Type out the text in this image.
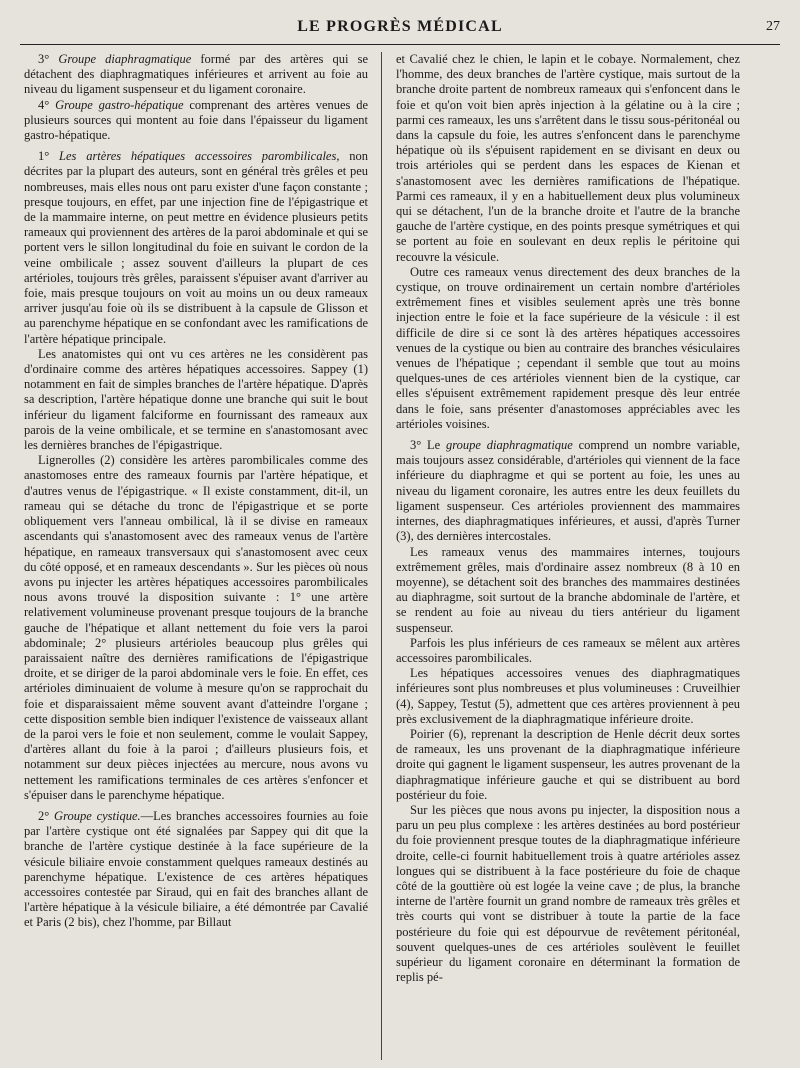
LE PROGRÈS MÉDICAL	27

3° Groupe diaphragmatique formé par des artères qui se détachent des diaphragmatiques inférieures et arrivent au foie au niveau du ligament suspenseur et du ligament coronaire.

4° Groupe gastro-hépatique comprenant des artères venues de plusieurs sources qui montent au foie dans l'épaisseur du ligament gastro-hépatique.

1° Les artères hépatiques accessoires parombilicales, non décrites par la plupart des auteurs, sont en général très grêles et peu nombreuses, mais elles nous ont paru exister d'une façon constante ; presque toujours, en effet, par une injection fine de l'épigastrique et de la mammaire interne, on peut mettre en évidence plusieurs petits rameaux qui proviennent des artères de la paroi abdominale et qui se portent vers le sillon longitudinal du foie en suivant le cordon de la veine ombilicale ; assez souvent d'ailleurs la plupart de ces artérioles, toujours très grêles, paraissent s'épuiser avant d'arriver au foie, mais presque toujours on voit au moins un ou deux rameaux arriver jusqu'au foie où ils se distribuent à la capsule de Glisson et au parenchyme hépatique en se confondant avec les ramifications de l'artère hépatique principale.

Les anatomistes qui ont vu ces artères ne les considèrent pas d'ordinaire comme des artères hépatiques accessoires. Sappey (1) notamment en fait de simples branches de l'artère hépatique. D'après sa description, l'artère hépatique donne une branche qui suit le bout inférieur du ligament falciforme en fournissant des rameaux aux parois de la veine ombilicale, et se termine en s'anastomosant avec les dernières branches de l'épigastrique.

Lignerolles (2) considère les artères parombilicales comme des anastomoses entre des rameaux fournis par l'artère hépatique, et d'autres venus de l'épigastrique. « Il existe constamment, dit-il, un rameau qui se détache du tronc de l'épigastrique et se porte obliquement vers l'anneau ombilical, là il se divise en rameaux ascendants qui s'anastomosent avec des rameaux venus de l'artère hépatique, en rameaux transversaux qui s'anastomosent avec ceux du côté opposé, et en rameaux descendants ». Sur les pièces où nous avons pu injecter les artères hépatiques accessoires parombilicales nous avons trouvé la disposition suivante : 1° une artère relativement volumineuse provenant presque toujours de la branche gauche de l'hépatique et allant nettement du foie vers la paroi abdominale; 2° plusieurs artérioles beaucoup plus grêles qui paraissaient naître des dernières ramifications de l'épigastrique droite, et se diriger de la paroi abdominale vers le foie. En effet, ces artérioles diminuaient de volume à mesure qu'on se rapprochait du foie et disparaissaient même souvent avant d'atteindre l'organe ; cette disposition semble bien indiquer l'existence de vaisseaux allant de la paroi vers le foie et non seulement, comme le voulait Sappey, d'artères allant du foie à la paroi ; d'ailleurs plusieurs fois, et notamment sur deux pièces injectées au mercure, nous avons vu nettement les ramifications terminales de ces artères s'enfoncer et s'épuiser dans le parenchyme hépatique.

2° Groupe cystique.—Les branches accessoires fournies au foie par l'artère cystique ont été signalées par Sappey qui dit que la branche de l'artère cystique destinée à la face supérieure de la vésicule biliaire envoie constamment quelques rameaux destinés au parenchyme hépatique. L'existence de ces artères hépatiques accessoires contestée par Siraud, qui en fait des branches allant de l'artère hépatique à la vésicule biliaire, a été démontrée par Cavalié et Paris (2 bis), chez l'homme, par Billaut

et Cavalié chez le chien, le lapin et le cobaye. Normalement, chez l'homme, des deux branches de l'artère cystique, mais surtout de la branche droite partent de nombreux rameaux qui s'enfoncent dans le foie et qu'on voit bien après injection à la gélatine ou à la cire ; parmi ces rameaux, les uns s'arrêtent dans le tissu sous-péritonéal ou dans la capsule du foie, les autres s'enfoncent dans le parenchyme hépatique où ils s'épuisent rapidement en se divisant en deux ou trois artérioles qui se perdent dans les espaces de Kienan et s'anastomosent avec les dernières ramifications de l'hépatique. Parmi ces rameaux, il y en a habituellement deux plus volumineux qui se détachent, l'un de la branche droite et l'autre de la branche gauche de l'artère cystique, en des points presque symétriques et qui se portent au foie en soulevant en deux replis le péritoine qui recouvre la vésicule.

Outre ces rameaux venus directement des deux branches de la cystique, on trouve ordinairement un certain nombre d'artérioles extrêmement fines et visibles seulement après une très bonne injection entre le foie et la face supérieure de la vésicule : il est difficile de dire si ce sont là des artères hépatiques accessoires venues de la cystique ou bien au contraire des branches vésiculaires venues de l'hépatique ; cependant il semble que tout au moins quelques-unes de ces artérioles viennent bien de la cystique, car elles s'épuisent extrêmement rapidement presque dès leur entrée dans le foie, sans présenter d'anastomoses appréciables avec les artérioles voisines.

3° Le groupe diaphragmatique comprend un nombre variable, mais toujours assez considérable, d'artérioles qui viennent de la face inférieure du diaphragme et qui se portent au foie, les unes au niveau du ligament coronaire, les autres entre les deux feuillets du ligament suspenseur. Ces artérioles proviennent des mammaires internes, des diaphragmatiques inférieures, et aussi, d'après Turner (3), des dernières intercostales.

Les rameaux venus des mammaires internes, toujours extrêmement grêles, mais d'ordinaire assez nombreux (8 à 10 en moyenne), se détachent soit des branches des mammaires destinées au diaphragme, soit surtout de la branche abdominale de l'artère, et se rendent au foie au niveau du tiers antérieur du ligament suspenseur.

Parfois les plus inférieurs de ces rameaux se mêlent aux artères accessoires parombilicales.

Les hépatiques accessoires venues des diaphragmatiques inférieures sont plus nombreuses et plus volumineuses : Cruveilhier (4), Sappey, Testut (5), admettent que ces artères proviennent à peu près exclusivement de la diaphragmatique inférieure droite.

Poirier (6), reprenant la description de Henle décrit deux sortes de rameaux, les uns provenant de la diaphragmatique inférieure droite qui gagnent le ligament suspenseur, les autres provenant de la diaphragmatique inférieure gauche et qui se distribuent au bord postérieur du foie.

Sur les pièces que nous avons pu injecter, la disposition nous a paru un peu plus complexe : les artères destinées au bord postérieur du foie proviennent presque toutes de la diaphragmatique inférieure droite, celle-ci fournit habituellement trois à quatre artérioles assez longues qui se distribuent à la face postérieure du foie de chaque côté de la gouttière où est logée la veine cave ; de plus, la branche interne de l'artère fournit un grand nombre de rameaux très grêles et très courts qui vont se distribuer à toute la partie de la face postérieure du foie qui est dépourvue de revêtement péritonéal, souvent quelques-unes de ces artérioles soulèvent le feuillet supérieur du ligament coronaire en déterminant la formation de replis pé-
